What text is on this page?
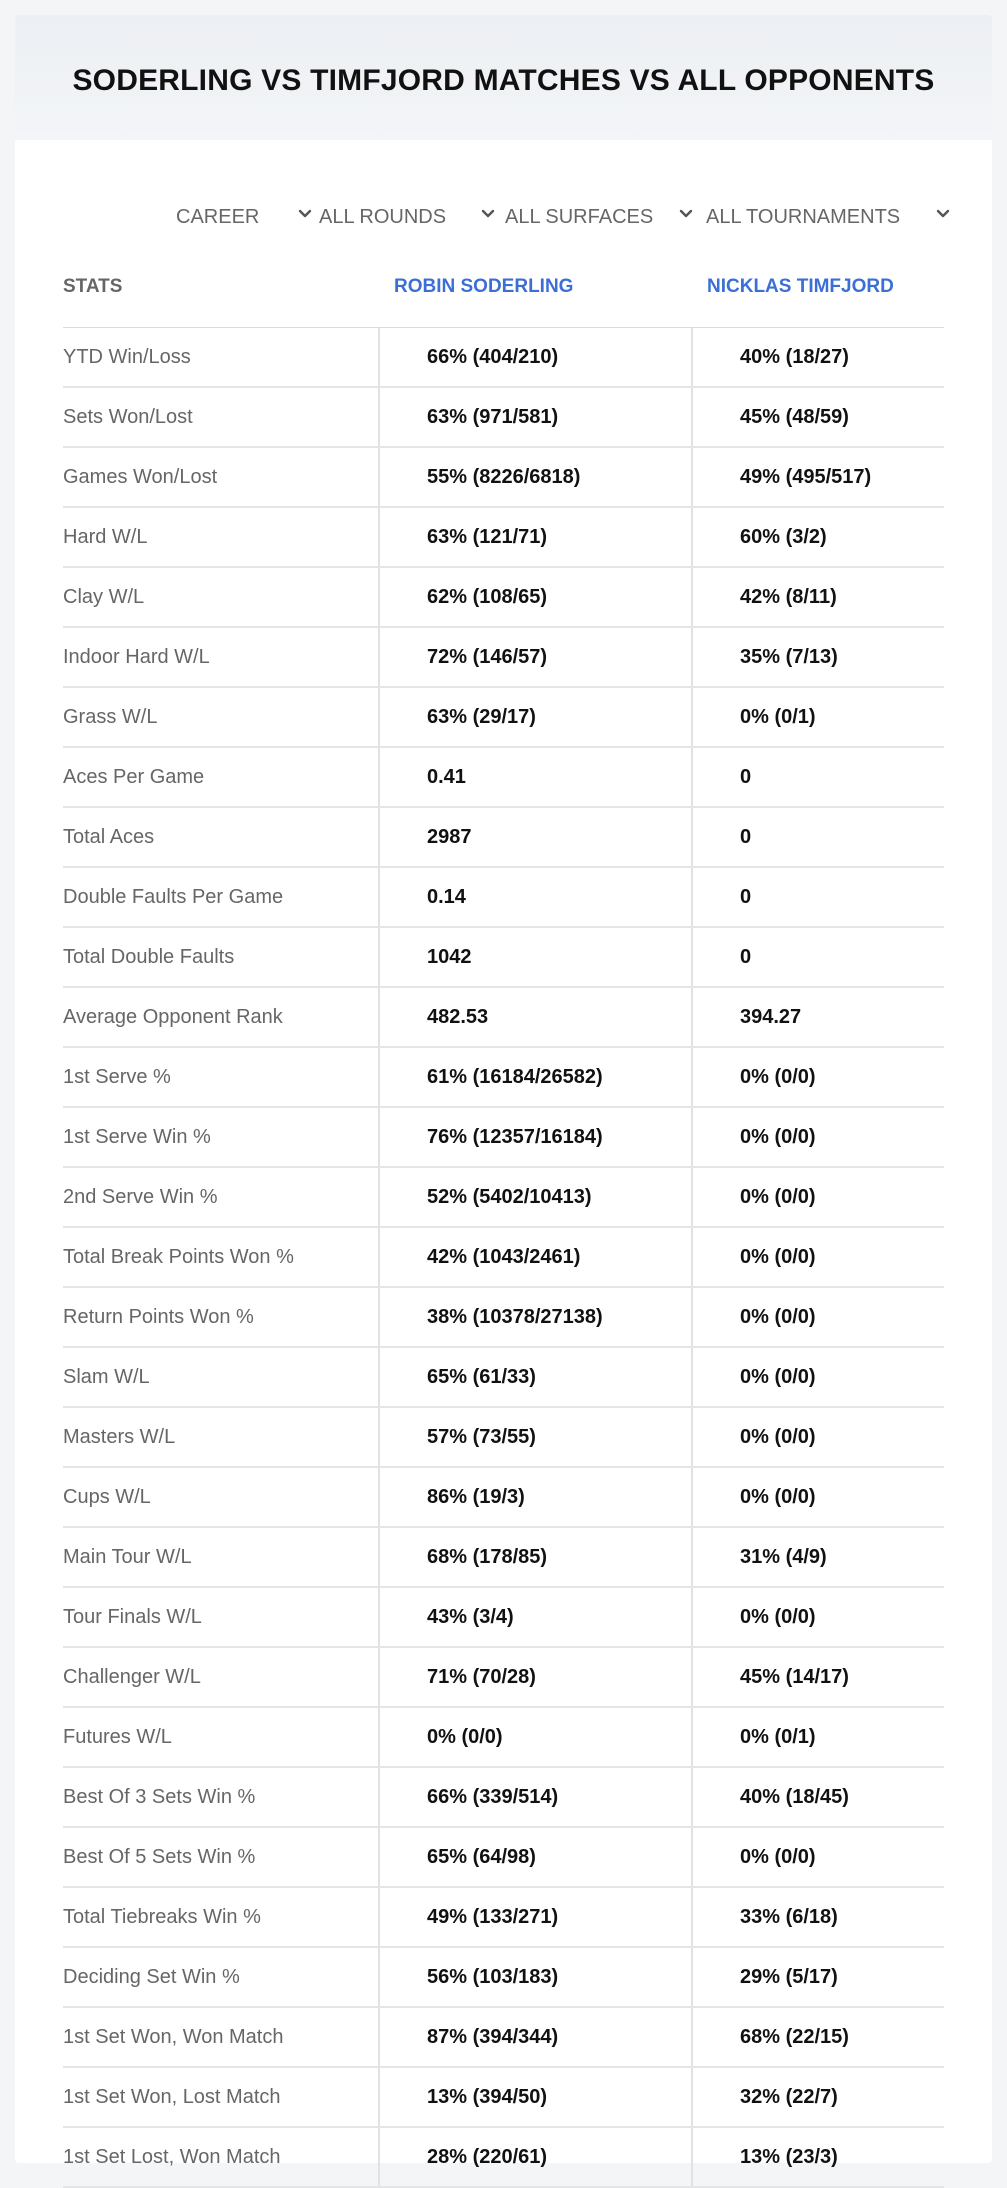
SODERLING VS TIMFJORD MATCHES VS ALL OPPONENTS
CAREER	ALL ROUNDS	ALL SURFACES	ALL TOURNAMENTS
STATS	ROBIN SODERLING	NICKLAS TIMFJORD
YTD Win/Loss	66% (404/210)	40% (18/27)
Sets Won/Lost	63% (971/581)	45% (48/59)
Games Won/Lost	55% (8226/6818)	49% (495/517)
Hard W/L	63% (121/71)	60% (3/2)
Clay W/L	62% (108/65)	42% (8/11)
Indoor Hard W/L	72% (146/57)	35% (7/13)
Grass W/L	63% (29/17)	0% (0/1)
Aces Per Game	0.41	0
Total Aces	2987	0
Double Faults Per Game	0.14	0
Total Double Faults	1042	0
Average Opponent Rank	482.53	394.27
1st Serve %	61% (16184/26582)	0% (0/0)
1st Serve Win %	76% (12357/16184)	0% (0/0)
2nd Serve Win %	52% (5402/10413)	0% (0/0)
Total Break Points Won %	42% (1043/2461)	0% (0/0)
Return Points Won %	38% (10378/27138)	0% (0/0)
Slam W/L	65% (61/33)	0% (0/0)
Masters W/L	57% (73/55)	0% (0/0)
Cups W/L	86% (19/3)	0% (0/0)
Main Tour W/L	68% (178/85)	31% (4/9)
Tour Finals W/L	43% (3/4)	0% (0/0)
Challenger W/L	71% (70/28)	45% (14/17)
Futures W/L	0% (0/0)	0% (0/1)
Best Of 3 Sets Win %	66% (339/514)	40% (18/45)
Best Of 5 Sets Win %	65% (64/98)	0% (0/0)
Total Tiebreaks Win %	49% (133/271)	33% (6/18)
Deciding Set Win %	56% (103/183)	29% (5/17)
1st Set Won, Won Match	87% (394/344)	68% (22/15)
1st Set Won, Lost Match	13% (394/50)	32% (22/7)
1st Set Lost, Won Match	28% (220/61)	13% (23/3)
